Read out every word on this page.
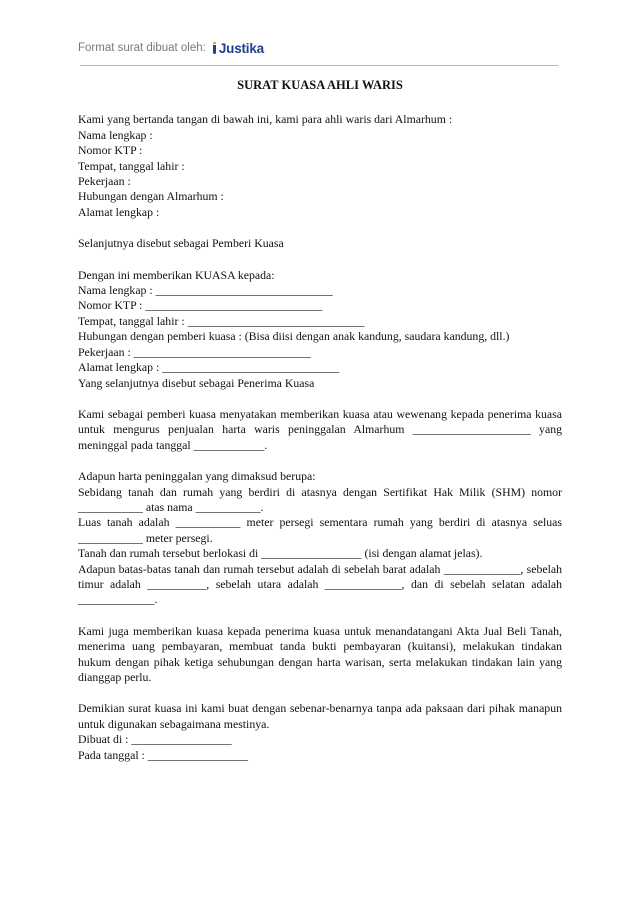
Format surat dibuat oleh: Justika

SURAT KUASA AHLI WARIS

Kami yang bertanda tangan di bawah ini, kami para ahli waris dari Almarhum :

Nama lengkap :

Nomor KTP :

Tempat, tanggal lahir :

Pekerjaan :

Hubungan dengan Almarhum :

Alamat lengkap :

Selanjutnya disebut sebagai Pemberi Kuasa

Dengan ini memberikan KUASA kepada:

Nama lengkap : ______________________________

Nomor KTP : ______________________________

Tempat, tanggal lahir : ______________________________

Hubungan dengan pemberi kuasa : (Bisa diisi dengan anak kandung, saudara kandung, dll.)

Pekerjaan : ______________________________

Alamat lengkap : ______________________________

Yang selanjutnya disebut sebagai Penerima Kuasa

Kami sebagai pemberi kuasa menyatakan memberikan kuasa atau wewenang kepada penerima kuasa untuk mengurus penjualan harta waris peninggalan Almarhum ____________________ yang meninggal pada tanggal ____________.

Adapun harta peninggalan yang dimaksud berupa:

Sebidang tanah dan rumah yang berdiri di atasnya dengan Sertifikat Hak Milik (SHM) nomor ___________ atas nama ___________.

Luas tanah adalah ___________ meter persegi sementara rumah yang berdiri di atasnya seluas ___________ meter persegi.

Tanah dan rumah tersebut berlokasi di _________________ (isi dengan alamat jelas).

Adapun batas-batas tanah dan rumah tersebut adalah di sebelah barat adalah _____________, sebelah timur adalah __________, sebelah utara adalah _____________, dan di sebelah selatan adalah _____________.

Kami juga memberikan kuasa kepada penerima kuasa untuk menandatangani Akta Jual Beli Tanah, menerima uang pembayaran, membuat tanda bukti pembayaran (kuitansi), melakukan tindakan hukum dengan pihak ketiga sehubungan dengan harta warisan, serta melakukan tindakan lain yang dianggap perlu.

Demikian surat kuasa ini kami buat dengan sebenar-benarnya tanpa ada paksaan dari pihak manapun untuk digunakan sebagaimana mestinya.

Dibuat di : _________________

Pada tanggal : _________________
